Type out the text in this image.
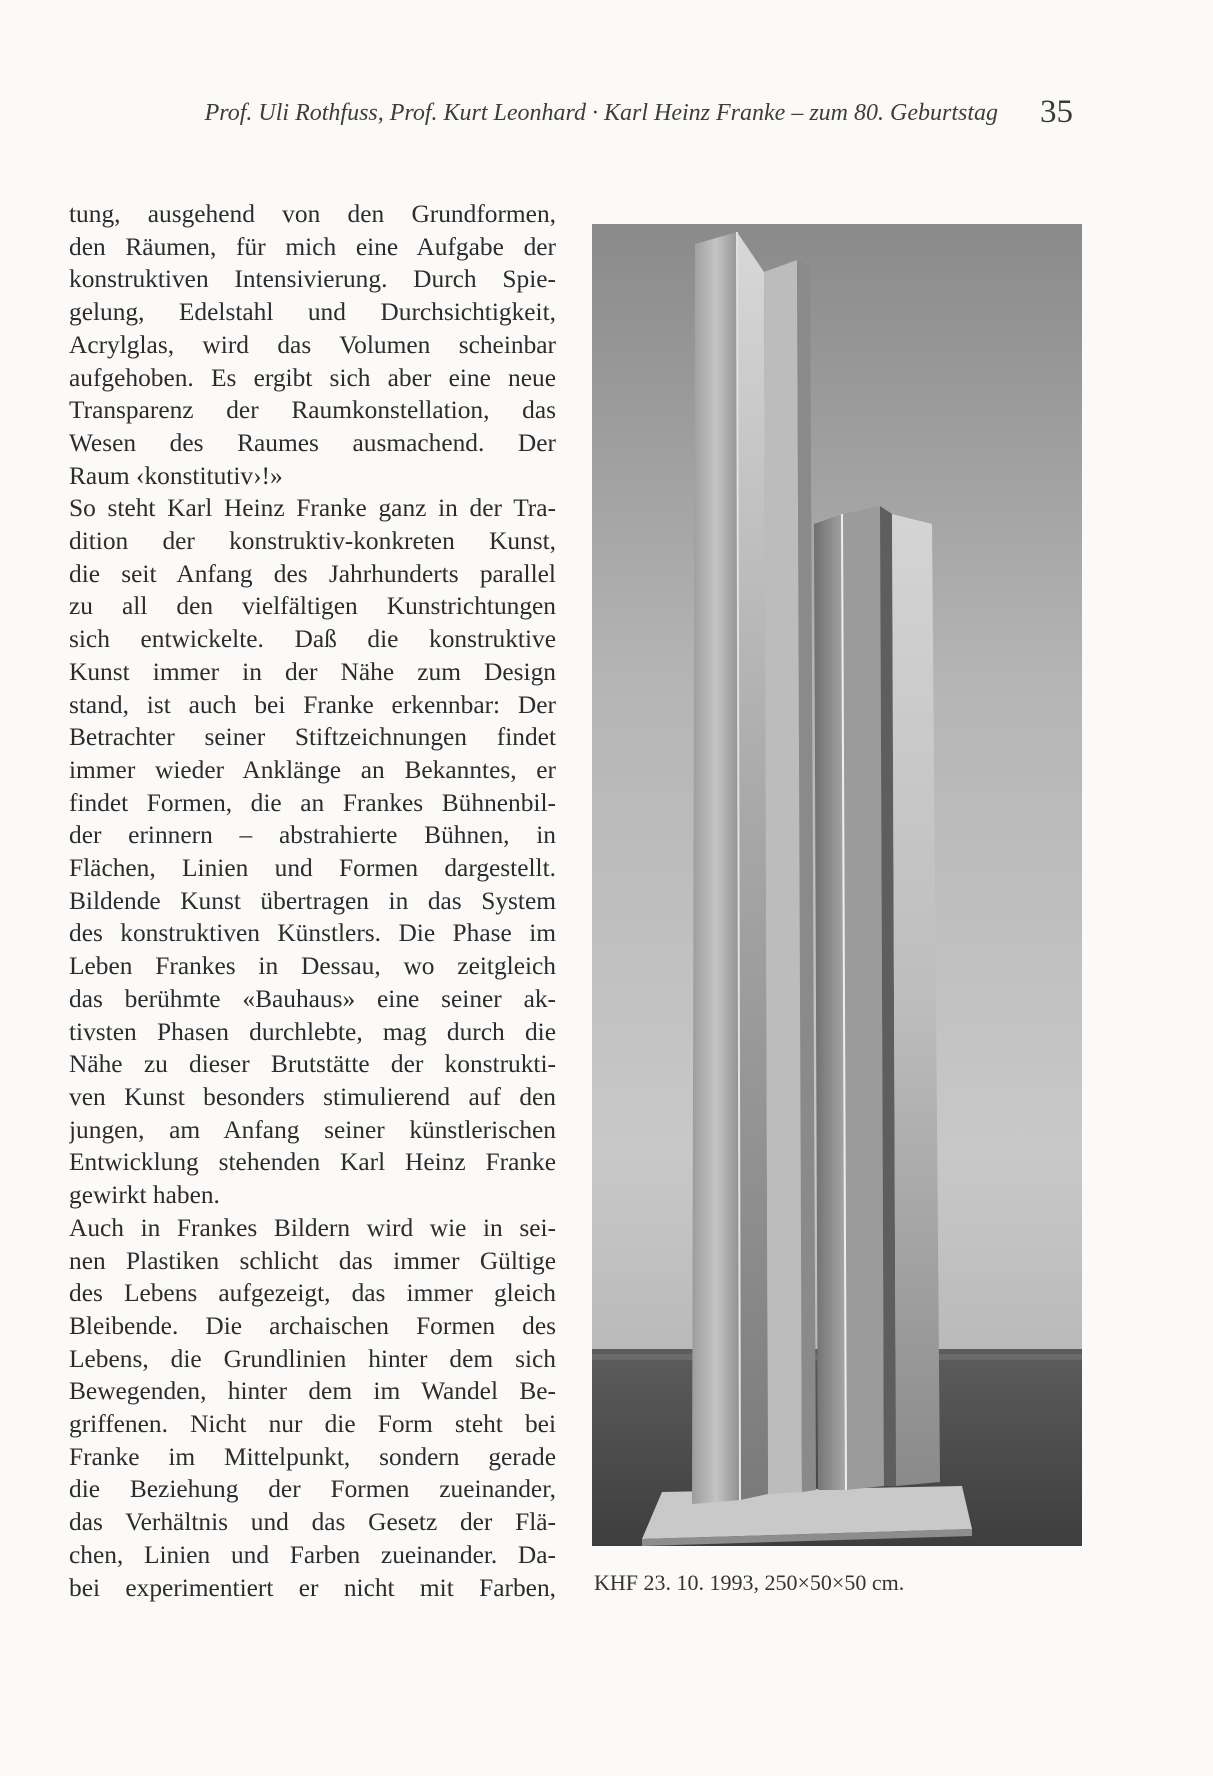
Prof. Uli Rothfuss, Prof. Kurt Leonhard · Karl Heinz Franke – zum 80. Geburtstag 35
tung, ausgehend von den Grundformen,
den Räumen, für mich eine Aufgabe der
konstruktiven Intensivierung. Durch Spie-
gelung, Edelstahl und Durchsichtigkeit,
Acrylglas, wird das Volumen scheinbar
aufgehoben. Es ergibt sich aber eine neue
Transparenz der Raumkonstellation, das
Wesen des Raumes ausmachend. Der
Raum ‹konstitutiv›!»
So steht Karl Heinz Franke ganz in der Tra-
dition der konstruktiv-konkreten Kunst,
die seit Anfang des Jahrhunderts parallel
zu all den vielfältigen Kunstrichtungen
sich entwickelte. Daß die konstruktive
Kunst immer in der Nähe zum Design
stand, ist auch bei Franke erkennbar: Der
Betrachter seiner Stiftzeichnungen findet
immer wieder Anklänge an Bekanntes, er
findet Formen, die an Frankes Bühnenbil-
der erinnern – abstrahierte Bühnen, in
Flächen, Linien und Formen dargestellt.
Bildende Kunst übertragen in das System
des konstruktiven Künstlers. Die Phase im
Leben Frankes in Dessau, wo zeitgleich
das berühmte «Bauhaus» eine seiner ak-
tivsten Phasen durchlebte, mag durch die
Nähe zu dieser Brutstätte der konstrukti-
ven Kunst besonders stimulierend auf den
jungen, am Anfang seiner künstlerischen
Entwicklung stehenden Karl Heinz Franke
gewirkt haben.
Auch in Frankes Bildern wird wie in sei-
nen Plastiken schlicht das immer Gültige
des Lebens aufgezeigt, das immer gleich
Bleibende. Die archaischen Formen des
Lebens, die Grundlinien hinter dem sich
Bewegenden, hinter dem im Wandel Be-
griffenen. Nicht nur die Form steht bei
Franke im Mittelpunkt, sondern gerade
die Beziehung der Formen zueinander,
das Verhältnis und das Gesetz der Flä-
chen, Linien und Farben zueinander. Da-
bei experimentiert er nicht mit Farben, KHF 23. 10. 1993, 250×50×50 cm.
